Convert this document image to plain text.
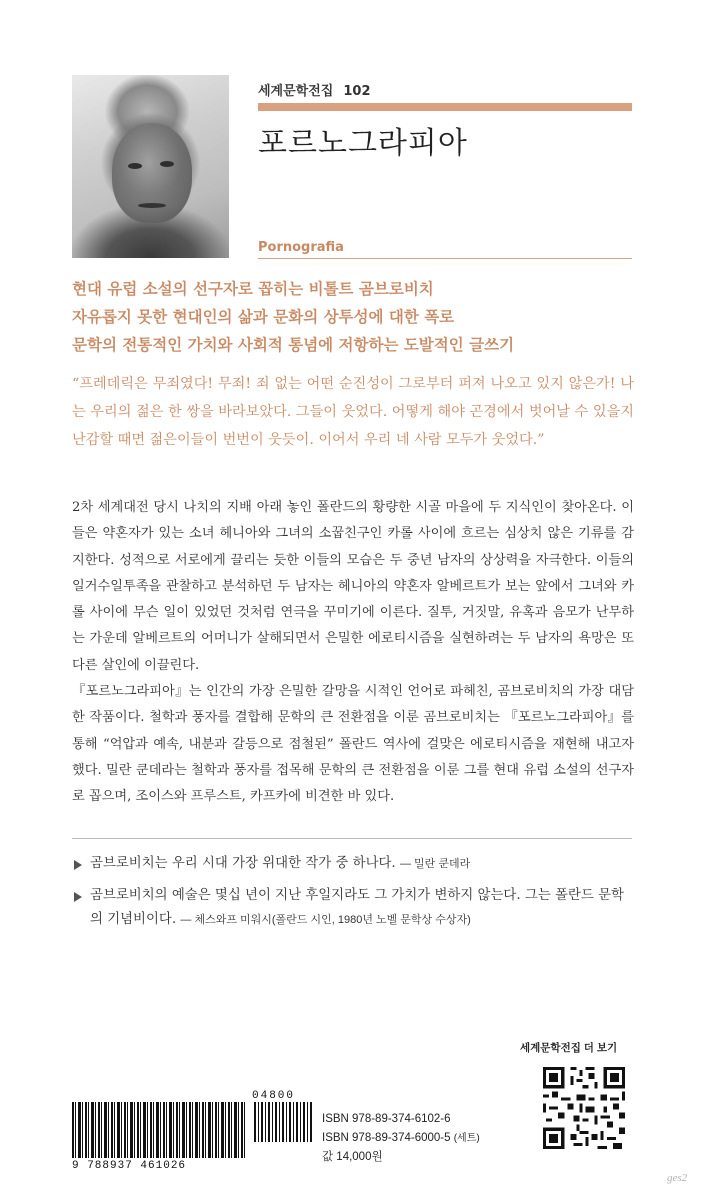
세계문학전집 102
포르노그라피아
Pornografia
현대 유럽 소설의 선구자로 꼽히는 비톨트 곰브로비치
자유롭지 못한 현대인의 삶과 문화의 상투성에 대한 폭로
문학의 전통적인 가치와 사회적 통념에 저항하는 도발적인 글쓰기
“프레데릭은 무죄였다! 무죄! 죄 없는 어떤 순진성이 그로부터 퍼져 나오고 있지 않은가! 나는 우리의 젊은 한 쌍을 바라보았다. 그들이 웃었다. 어떻게 해야 곤경에서 벗어날 수 있을지 난감할 때면 젊은이들이 번번이 웃듯이. 이어서 우리 네 사람 모두가 웃었다.”
2차 세계대전 당시 나치의 지배 아래 놓인 폴란드의 황량한 시골 마을에 두 지식인이 찾아온다. 이들은 약혼자가 있는 소녀 헤니아와 그녀의 소꿉친구인 카롤 사이에 흐르는 심상치 않은 기류를 감지한다. 성적으로 서로에게 끌리는 듯한 이들의 모습은 두 중년 남자의 상상력을 자극한다. 이들의 일거수일투족을 관찰하고 분석하던 두 남자는 헤니아의 약혼자 알베르트가 보는 앞에서 그녀와 카롤 사이에 무슨 일이 있었던 것처럼 연극을 꾸미기에 이른다. 질투, 거짓말, 유혹과 음모가 난무하는 가운데 알베르트의 어머니가 살해되면서 은밀한 에로티시즘을 실현하려는 두 남자의 욕망은 또 다른 살인에 이끌린다.
『포르노그라피아』는 인간의 가장 은밀한 갈망을 시적인 언어로 파헤친, 곰브로비치의 가장 대담한 작품이다. 철학과 풍자를 결합해 문학의 큰 전환점을 이룬 곰브로비치는 『포르노그라피아』를 통해 “억압과 예속, 내분과 갈등으로 점철된” 폴란드 역사에 걸맞은 에로티시즘을 재현해 내고자 했다. 밀란 쿤데라는 철학과 풍자를 접목해 문학의 큰 전환점을 이룬 그를 현대 유럽 소설의 선구자로 꼽으며, 조이스와 프루스트, 카프카에 비견한 바 있다.
곰브로비치는 우리 시대 가장 위대한 작가 중 하나다. — 밀란 쿤데라
곰브로비치의 예술은 몇십 년이 지난 후일지라도 그 가치가 변하지 않는다. 그는 폴란드 문학의 기념비이다. — 체스와프 미워시(폴란드 시인, 1980년 노벨 문학상 수상자)
세계문학전집 더 보기
04800
9 788937 461026
ISBN 978-89-374-6102-6
ISBN 978-89-374-6000-5 (세트)
값 14,000원
ges2
